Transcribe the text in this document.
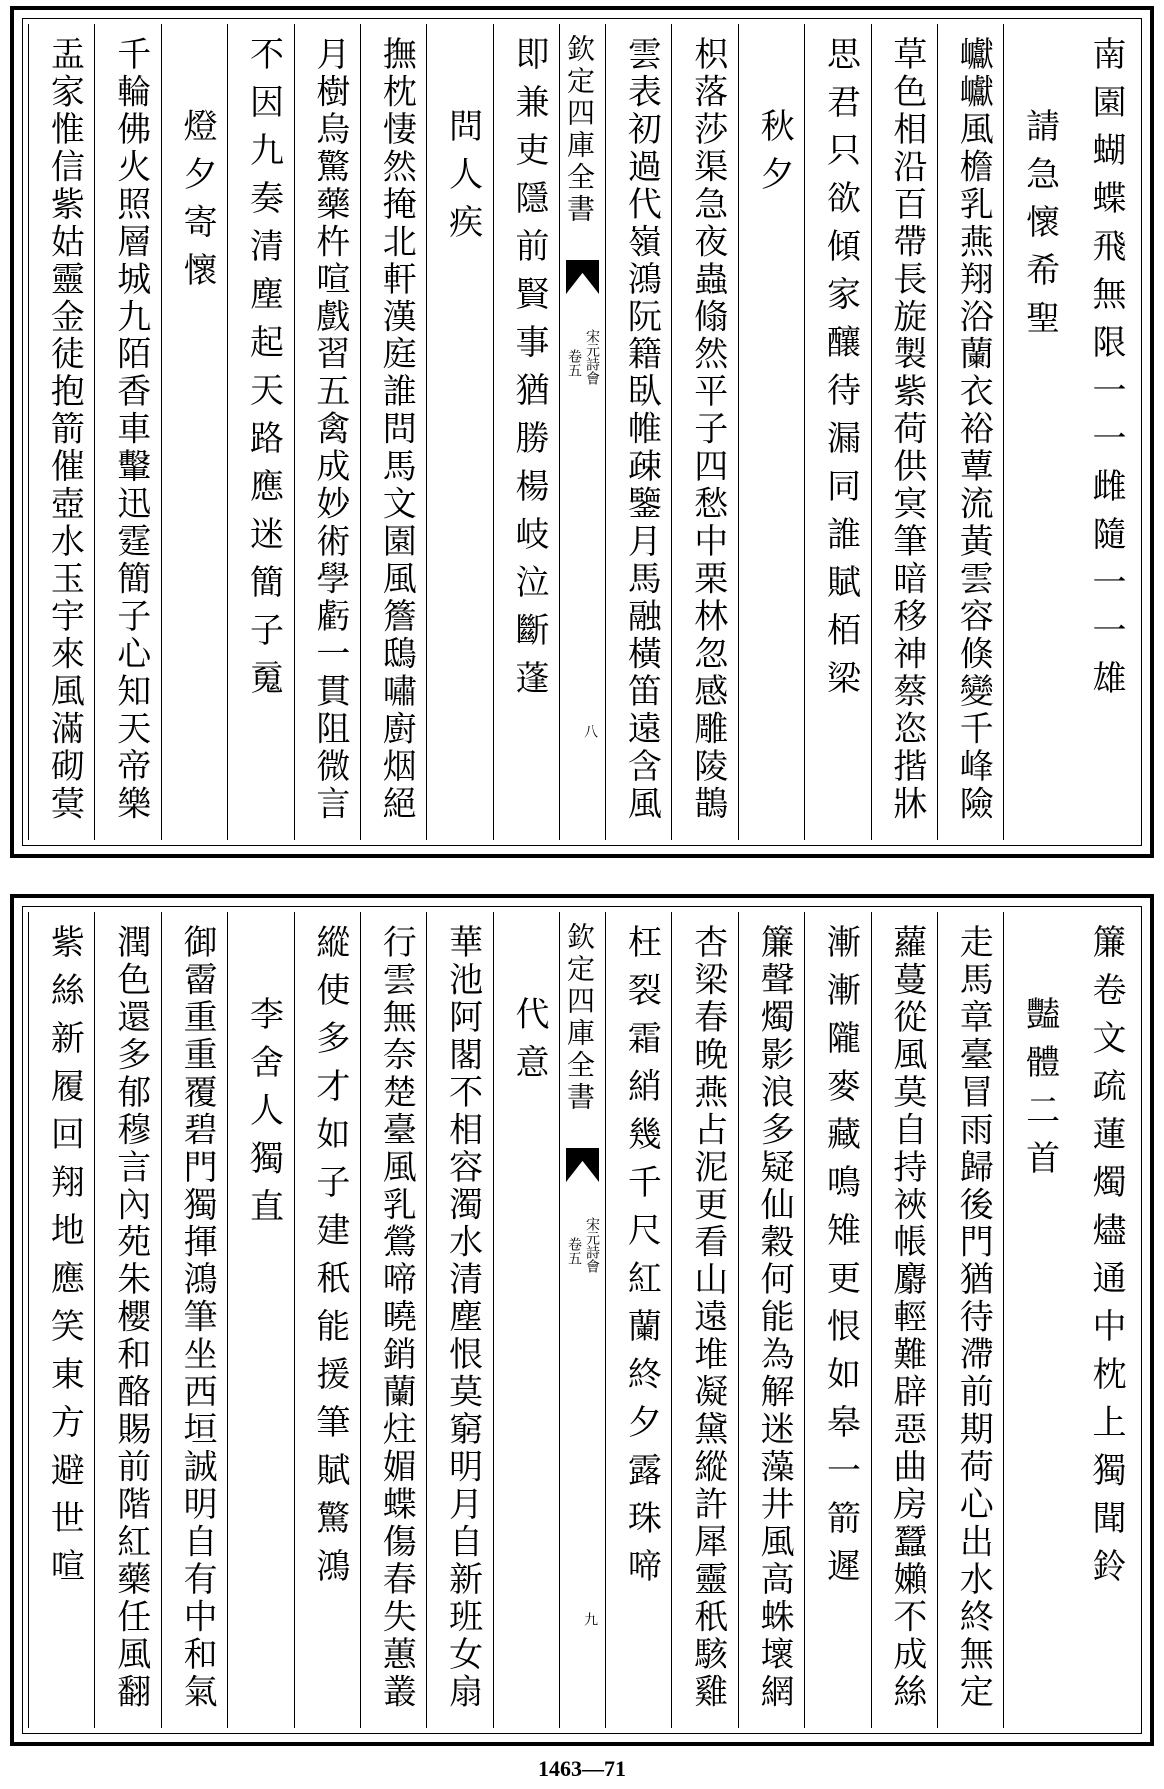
南園蝴蝶飛無限一一雌隨一一雄
請急懷希聖
巘巘風檐乳燕翔浴蘭衣裕蕈流黃雲容倏變千峰險
草色相沿百帶長旋製紫荷供㝠筆暗移神蔡恣揩牀
思君只欲傾家釀待漏同誰賦栢梁
秋夕
枳落莎渠急夜蟲翛然平子四愁中栗林忽感雕陵鵲
雲表初過代嶺鴻阮籍臥帷疎鑒月馬融橫笛遠含風
欽定四庫全書
宋元詩會
卷五
八
即兼吏隱前賢事猶勝楊岐泣斷蓬
問人疾
撫枕悽然掩北軒漢庭誰問馬文園風簷鴟嘯廚烟絕
月樹烏驚藥杵喧戲習五禽成妙術學虧一貫阻微言
不因九奏清塵起天路應迷簡子䰟
燈夕寄懷
千輪佛火照層城九陌香車轚迅霆簡子心知天帝樂
盂家惟信紫姑靈金徒抱箭催壺水玉宇來風滿砌蓂
簾卷文疏蓮燭燼通中枕上獨聞鈴
豔體二首
走馬章臺冒雨歸後門猶待滯前期荷心出水終無定
蘿蔓從風莫自持裌帳麝輕難辟惡曲房蠶嬾不成絲
漸漸隴麥藏鳴雉更恨如皋一箭遲
簾聲燭影浪多疑仙穀何能為解迷藻井風高蛛壞網
杏梁春晚燕占泥更看山遠堆凝黛縱許犀靈秖駭雞
枉裂霜綃幾千尺紅蘭終夕露珠啼
欽定四庫全書
宋元詩會
卷五
九
代意
華池阿閣不相容濁水清塵恨莫窮明月自新班女扇
行雲無奈楚臺風乳鶯啼曉銷蘭炷媚蝶傷春失蕙叢
縱使多才如子建秖能援筆賦驚鴻
李舍人獨直
御霤重重覆碧門獨揮鴻筆坐西垣誠明自有中和氣
潤色還多郁穆言內苑朱櫻和酪賜前階紅藥任風翻
紫絲新履回翔地應笑東方避世喧
1463—71
